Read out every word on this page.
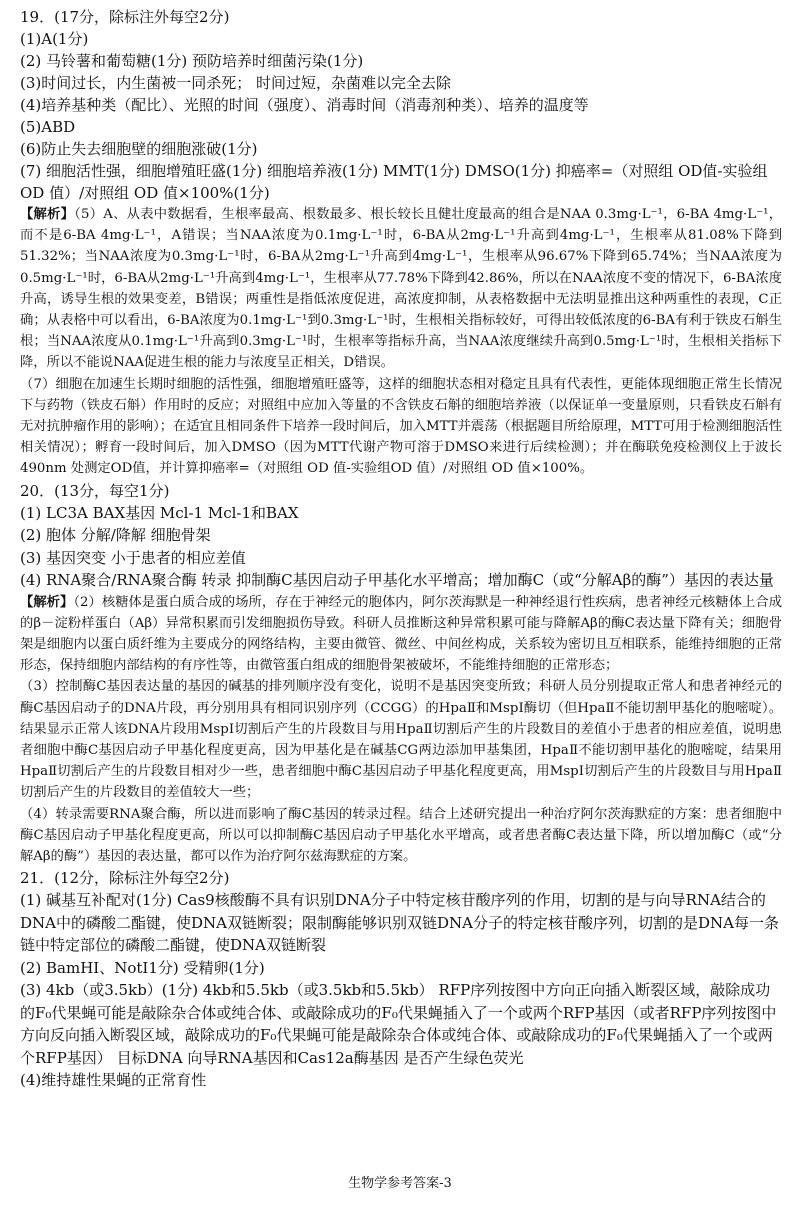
19．(17分，除标注外每空2分)

(1)A(1分)

(2) 马铃薯和葡萄糖(1分) 预防培养时细菌污染(1分)

(3)时间过长，内生菌被一同杀死； 时间过短，杂菌难以完全去除

(4)培养基种类（配比）、光照的时间（强度）、消毒时间（消毒剂种类）、培养的温度等

(5)ABD

(6)防止失去细胞壁的细胞涨破(1分)

(7) 细胞活性强，细胞增殖旺盛(1分) 细胞培养液(1分) MMT(1分) DMSO(1分) 抑癌率=（对照组 OD值-实验组OD 值）/对照组 OD 值×100%(1分)

【解析】（5）A、从表中数据看，生根率最高、根数最多、根长较长且健壮度最高的组合是NAA 0.3mg·L⁻¹，6-BA 4mg·L⁻¹，而不是6-BA 4mg·L⁻¹，A错误；当NAA浓度为0.1mg·L⁻¹时，6-BA从2mg·L⁻¹升高到4mg·L⁻¹，生根率从81.08%下降到51.32%；当NAA浓度为0.3mg·L⁻¹时，6-BA从2mg·L⁻¹升高到4mg·L⁻¹，生根率从96.67%下降到65.74%；当NAA浓度为0.5mg·L⁻¹时，6-BA从2mg·L⁻¹升高到4mg·L⁻¹，生根率从77.78%下降到42.86%，所以在NAA浓度不变的情况下，6-BA浓度升高，诱导生根的效果变差，B错误；两重性是指低浓度促进，高浓度抑制，从表格数据中无法明显推出这种两重性的表现，C正确；从表格中可以看出，6-BA浓度为0.1mg·L⁻¹到0.3mg·L⁻¹时，生根相关指标较好，可得出较低浓度的6-BA有利于铁皮石斛生根；当NAA浓度从0.1mg·L⁻¹升高到0.3mg·L⁻¹时，生根率等指标升高，当NAA浓度继续升高到0.5mg·L⁻¹时，生根相关指标下降，所以不能说NAA促进生根的能力与浓度呈正相关，D错误。

（7）细胞在加速生长期时细胞的活性强，细胞增殖旺盛等，这样的细胞状态相对稳定且具有代表性，更能体现细胞正常生长情况下与药物（铁皮石斛）作用时的反应；对照组中应加入等量的不含铁皮石斛的细胞培养液（以保证单一变量原则，只看铁皮石斛有无对抗肿瘤作用的影响）；在适宜且相同条件下培养一段时间后，加入MTT并震荡（根据题目所给原理，MTT可用于检测细胞活性相关情况）；孵育一段时间后，加入DMSO（因为MTT代谢产物可溶于DMSO来进行后续检测）；并在酶联免疫检测仪上于波长490nm 处测定OD值，并计算抑癌率=（对照组 OD 值-实验组OD 值）/对照组 OD 值×100%。

20．(13分，每空1分)

(1) LC3A BAX基因 Mcl-1 Mcl-1和BAX

(2) 胞体 分解/降解 细胞骨架

(3) 基因突变 小于患者的相应差值

(4) RNA聚合/RNA聚合酶 转录 抑制酶C基因启动子甲基化水平增高；增加酶C（或“分解Aβ的酶”）基因的表达量

【解析】（2）核糖体是蛋白质合成的场所，存在于神经元的胞体内，阿尔茨海默是一种神经退行性疾病，患者神经元核糖体上合成的β－淀粉样蛋白（Aβ）异常积累而引发细胞损伤导致。科研人员推断这种异常积累可能与降解Aβ的酶C表达量下降有关；细胞骨架是细胞内以蛋白质纤维为主要成分的网络结构，主要由微管、微丝、中间丝构成，关系较为密切且互相联系，能维持细胞的正常形态，保持细胞内部结构的有序性等，由微管蛋白组成的细胞骨架被破坏，不能维持细胞的正常形态；

（3）控制酶C基因表达量的基因的碱基的排列顺序没有变化，说明不是基因突变所致；科研人员分别提取正常人和患者神经元的酶C基因启动子的DNA片段，再分别用具有相同识别序列（CCGG）的HpaⅡ和MspⅠ酶切（但HpaⅡ不能切割甲基化的胞嘧啶）。结果显示正常人该DNA片段用MspⅠ切割后产生的片段数目与用HpaⅡ切割后产生的片段数目的差值小于患者的相应差值，说明患者细胞中酶C基因启动子甲基化程度更高，因为甲基化是在碱基CG两边添加甲基集团，HpaⅡ不能切割甲基化的胞嘧啶，结果用HpaⅡ切割后产生的片段数目相对少一些，患者细胞中酶C基因启动子甲基化程度更高，用MspⅠ切割后产生的片段数目与用HpaⅡ切割后产生的片段数目的差值较大一些；

（4）转录需要RNA聚合酶，所以进而影响了酶C基因的转录过程。结合上述研究提出一种治疗阿尔茨海默症的方案：患者细胞中酶C基因启动子甲基化程度更高，所以可以抑制酶C基因启动子甲基化水平增高，或者患者酶C表达量下降，所以增加酶C（或“分解Aβ的酶”）基因的表达量，都可以作为治疗阿尔兹海默症的方案。

21．(12分，除标注外每空2分)

(1) 碱基互补配对(1分) Cas9核酸酶不具有识别DNA分子中特定核苷酸序列的作用，切割的是与向导RNA结合的DNA中的磷酸二酯键，使DNA双链断裂；限制酶能够识别双链DNA分子的特定核苷酸序列，切割的是DNA每一条链中特定部位的磷酸二酯键，使DNA双链断裂

(2) BamHI、NotI1分) 受精卵(1分)

(3) 4kb（或3.5kb）(1分) 4kb和5.5kb（或3.5kb和5.5kb） RFP序列按图中方向正向插入断裂区域，敲除成功的F₀代果蝇可能是敲除杂合体或纯合体、或敲除成功的F₀代果蝇插入了一个或两个RFP基因（或者RFP序列按图中方向反向插入断裂区域，敲除成功的F₀代果蝇可能是敲除杂合体或纯合体、或敲除成功的F₀代果蝇插入了一个或两个RFP基因） 目标DNA 向导RNA基因和Cas12a酶基因 是否产生绿色荧光

(4)维持雄性果蝇的正常育性

生物学参考答案-3
